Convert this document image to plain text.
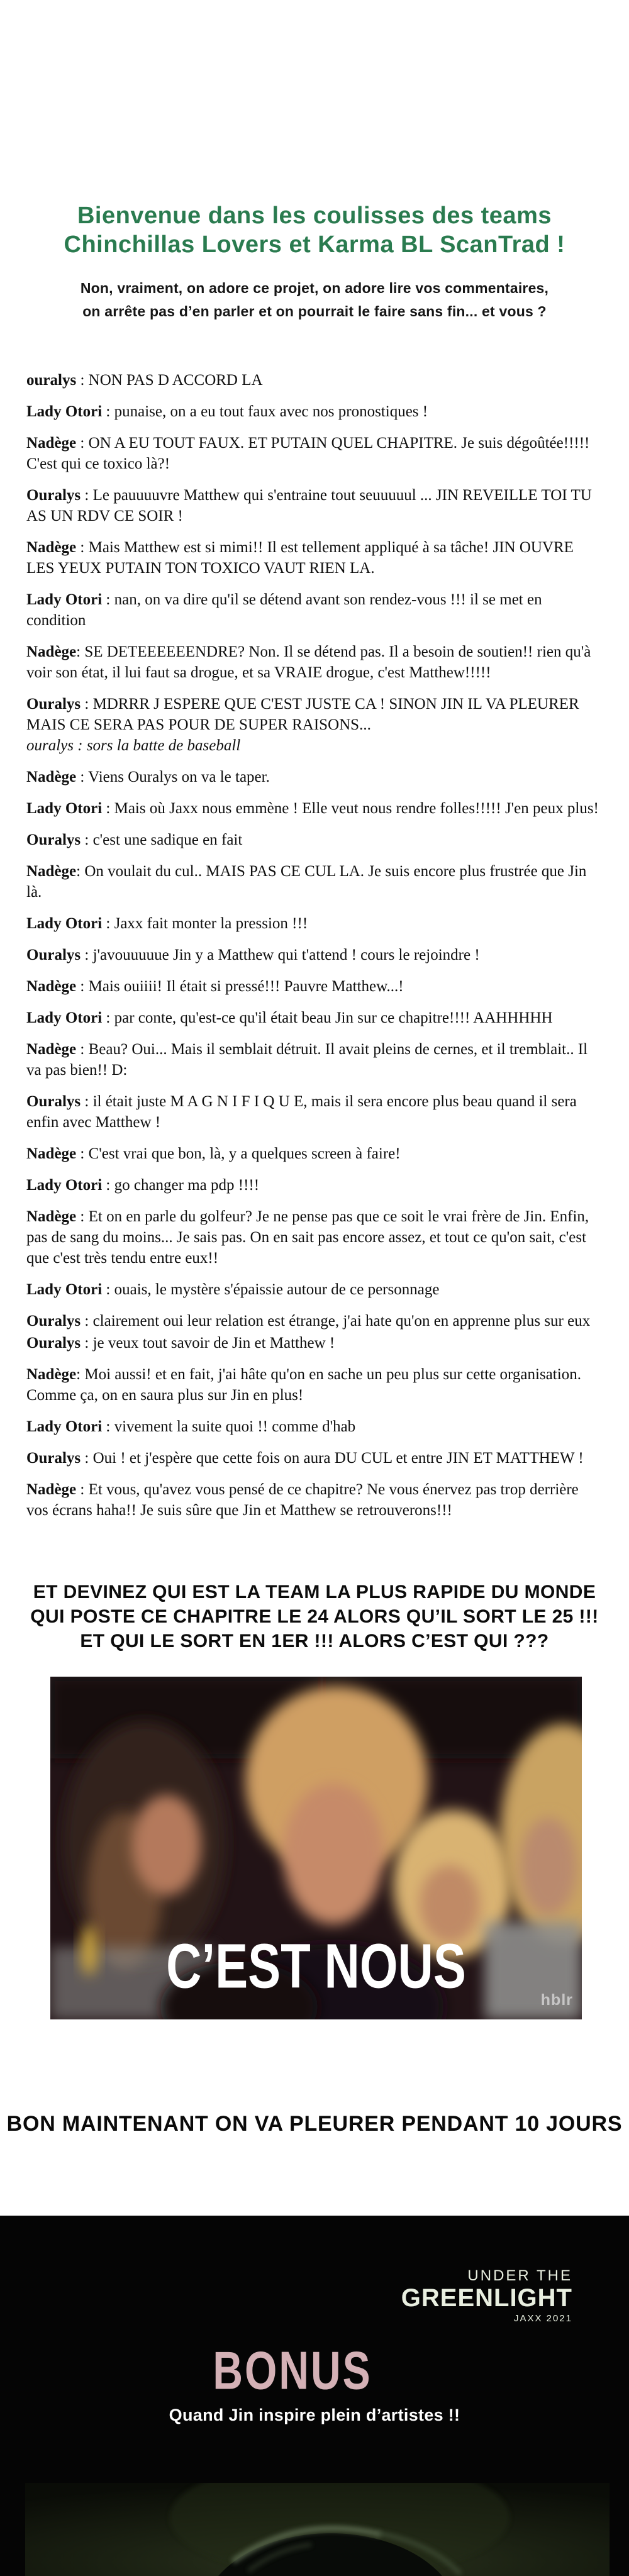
Bienvenue dans les coulisses des teams
Chinchillas Lovers et Karma BL ScanTrad !
Non, vraiment, on adore ce projet, on adore lire vos commentaires,
on arrête pas d’en parler et on pourrait le faire sans fin... et vous ?

ouralys : NON PAS D ACCORD LA

Lady Otori : punaise, on a eu tout faux avec nos pronostiques !

Nadège : ON A EU TOUT FAUX. ET PUTAIN QUEL CHAPITRE. Je suis dégoûtée!!!!! C'est qui ce toxico là?!

Ouralys : Le pauuuuvre Matthew qui s'entraine tout seuuuuul ... JIN REVEILLE TOI TU AS UN RDV CE SOIR !

Nadège : Mais Matthew est si mimi!! Il est tellement appliqué à sa tâche! JIN OUVRE LES YEUX PUTAIN TON TOXICO VAUT RIEN LA.

Lady Otori : nan, on va dire qu'il se détend avant son rendez-vous !!! il se met en condition

Nadège: SE DETEEEEEENDRE? Non. Il se détend pas. Il a besoin de soutien!! rien qu'à voir son état, il lui faut sa drogue, et sa VRAIE drogue, c'est Matthew!!!!!

Ouralys : MDRRR J ESPERE QUE C'EST JUSTE CA ! SINON JIN IL VA PLEURER MAIS CE SERA PAS POUR DE SUPER RAISONS...
ouralys : sors la batte de baseball

Nadège : Viens Ouralys on va le taper.

Lady Otori : Mais où Jaxx nous emmène ! Elle veut nous rendre folles!!!!! J'en peux plus!

Ouralys : c'est une sadique en fait

Nadège: On voulait du cul.. MAIS PAS CE CUL LA. Je suis encore plus frustrée que Jin là.

Lady Otori : Jaxx fait monter la pression !!!

Ouralys : j'avouuuuue Jin y a Matthew qui t'attend ! cours le rejoindre !

Nadège : Mais ouiiii! Il était si pressé!!! Pauvre Matthew...!

Lady Otori : par conte, qu'est-ce qu'il était beau Jin sur ce chapitre!!!! AAHHHHH

Nadège : Beau? Oui... Mais il semblait détruit. Il avait pleins de cernes, et il tremblait.. Il va pas bien!! D:

Ouralys : il était juste M A G N I F I Q U E, mais il sera encore plus beau quand il sera enfin avec Matthew !

Nadège : C'est vrai que bon, là, y a quelques screen à faire!

Lady Otori : go changer ma pdp !!!!

Nadège : Et on en parle du golfeur? Je ne pense pas que ce soit le vrai frère de Jin. Enfin, pas de sang du moins... Je sais pas. On en sait pas encore assez, et tout ce qu'on sait, c'est que c'est très tendu entre eux!!

Lady Otori : ouais, le mystère s'épaissie autour de ce personnage

Ouralys : clairement oui leur relation est étrange, j'ai hate qu'on en apprenne plus sur eux

Ouralys : je veux tout savoir de Jin et Matthew !

Nadège: Moi aussi! et en fait, j'ai hâte qu'on en sache un peu plus sur cette organisation. Comme ça, on en saura plus sur Jin en plus!

Lady Otori : vivement la suite quoi !! comme d'hab

Ouralys : Oui ! et j'espère que cette fois on aura DU CUL et entre JIN ET MATTHEW !

Nadège : Et vous, qu'avez vous pensé de ce chapitre? Ne vous énervez pas trop derrière vos écrans haha!! Je suis sûre que Jin et Matthew se retrouverons!!!

ET DEVINEZ QUI EST LA TEAM LA PLUS RAPIDE DU MONDE
QUI POSTE CE CHAPITRE LE 24 ALORS QU’IL SORT LE 25 !!!
ET QUI LE SORT EN 1ER !!! ALORS C’EST QUI ???
C’EST NOUS	hblr
BON MAINTENANT ON VA PLEURER PENDANT 10 JOURS
UNDER THE
GREENLIGHT
JAXX 2021
BONUS
Quand Jin inspire plein d’artistes !!
